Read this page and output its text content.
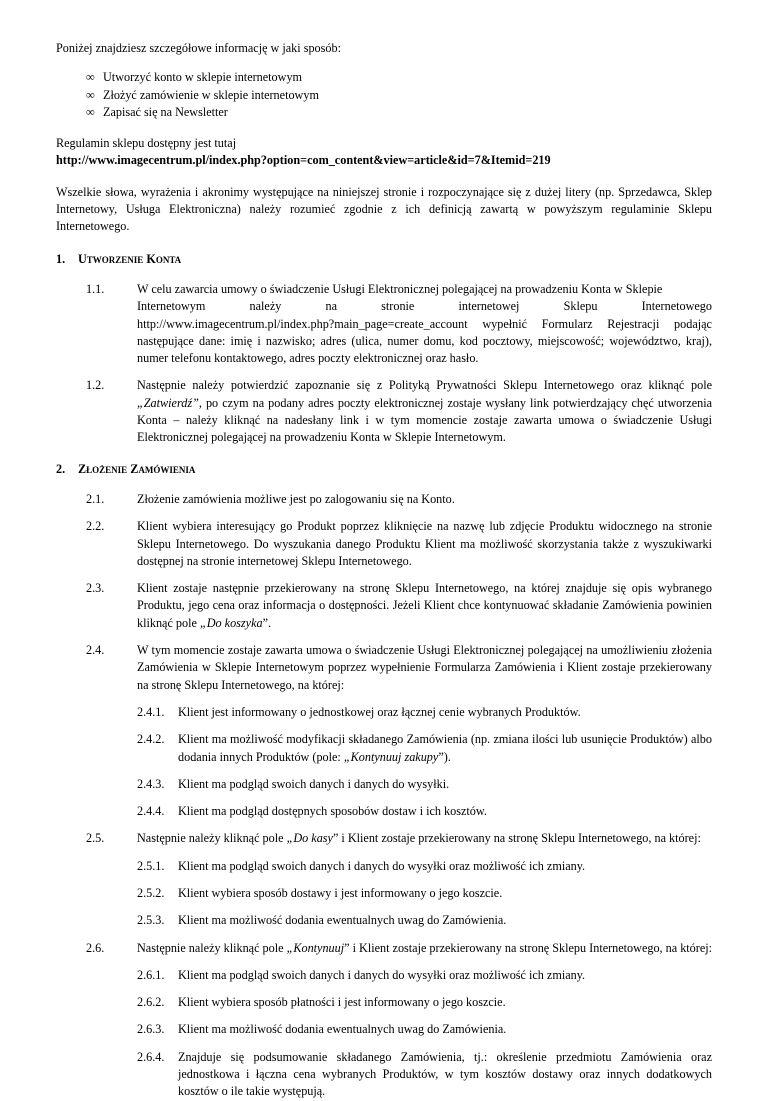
Poniżej znajdziesz szczegółowe informację w jaki sposób:

∞ Utworzyć konto w sklepie internetowym
∞ Złożyć zamówienie w sklepie internetowym
∞ Zapisać się na Newsletter

Regulamin sklepu dostępny jest tutaj

http://www.imagecentrum.pl/index.php?option=com_content&view=article&id=7&Itemid=219

Wszelkie słowa, wyrażenia i akronimy występujące na niniejszej stronie i rozpoczynające się z dużej litery (np. Sprzedawca, Sklep Internetowy, Usługa Elektroniczna) należy rozumieć zgodnie z ich definicją zawartą w powyższym regulaminie Sklepu Internetowego.

1.	Utworzenie Konta
1.1.	W celu zawarcia umowy o świadczenie Usługi Elektronicznej polegającej na prowadzeniu Konta w Sklepie
Internetowym	należy	na	stronie	internetowej	Sklepu	Internetowego
http://www.imagecentrum.pl/index.php?main_page=create_account wypełnić Formularz Rejestracji podając
następujące dane: imię i nazwisko; adres (ulica, numer domu, kod pocztowy, miejscowość; województwo, kraj), numer telefonu kontaktowego, adres poczty elektronicznej oraz hasło.
1.2.	Następnie należy potwierdzić zapoznanie się z Polityką Prywatności Sklepu Internetowego oraz kliknąć pole „Zatwierdź”, po czym na podany adres poczty elektronicznej zostaje wysłany link potwierdzający chęć utworzenia Konta – należy kliknąć na nadesłany link i w tym momencie zostaje zawarta umowa o świadczenie Usługi Elektronicznej polegającej na prowadzeniu Konta w Sklepie Internetowym.
2.	Złożenie Zamówienia
2.1.	Złożenie zamówienia możliwe jest po zalogowaniu się na Konto.
2.2.	Klient wybiera interesujący go Produkt poprzez kliknięcie na nazwę lub zdjęcie Produktu widocznego na stronie Sklepu Internetowego. Do wyszukania danego Produktu Klient ma możliwość skorzystania także z wyszukiwarki dostępnej na stronie internetowej Sklepu Internetowego.
2.3.	Klient zostaje następnie przekierowany na stronę Sklepu Internetowego, na której znajduje się opis wybranego Produktu, jego cena oraz informacja o dostępności. Jeżeli Klient chce kontynuować składanie Zamówienia powinien kliknąć pole „Do koszyka”.
2.4.	W tym momencie zostaje zawarta umowa o świadczenie Usługi Elektronicznej polegającej na umożliwieniu złożenia Zamówienia w Sklepie Internetowym poprzez wypełnienie Formularza Zamówienia i Klient zostaje przekierowany na stronę Sklepu Internetowego, na której:
2.4.1.	Klient jest informowany o jednostkowej oraz łącznej cenie wybranych Produktów.
2.4.2.	Klient ma możliwość modyfikacji składanego Zamówienia (np. zmiana ilości lub usunięcie Produktów) albo dodania innych Produktów (pole: „Kontynuuj zakupy”).
2.4.3.	Klient ma podgląd swoich danych i danych do wysyłki.
2.4.4.	Klient ma podgląd dostępnych sposobów dostaw i ich kosztów.
2.5.	Następnie należy kliknąć pole „Do kasy” i Klient zostaje przekierowany na stronę Sklepu Internetowego, na której:
2.5.1.	Klient ma podgląd swoich danych i danych do wysyłki oraz możliwość ich zmiany.
2.5.2.	Klient wybiera sposób dostawy i jest informowany o jego koszcie.
2.5.3.	Klient ma możliwość dodania ewentualnych uwag do Zamówienia.
2.6.	Następnie należy kliknąć pole „Kontynuuj” i Klient zostaje przekierowany na stronę Sklepu Internetowego, na której:
2.6.1.	Klient ma podgląd swoich danych i danych do wysyłki oraz możliwość ich zmiany.
2.6.2.	Klient wybiera sposób płatności i jest informowany o jego koszcie.
2.6.3.	Klient ma możliwość dodania ewentualnych uwag do Zamówienia.
2.6.4.	Znajduje się podsumowanie składanego Zamówienia, tj.: określenie przedmiotu Zamówienia oraz jednostkowa i łączna cena wybranych Produktów, w tym kosztów dostawy oraz innych dodatkowych kosztów o ile takie występują.
